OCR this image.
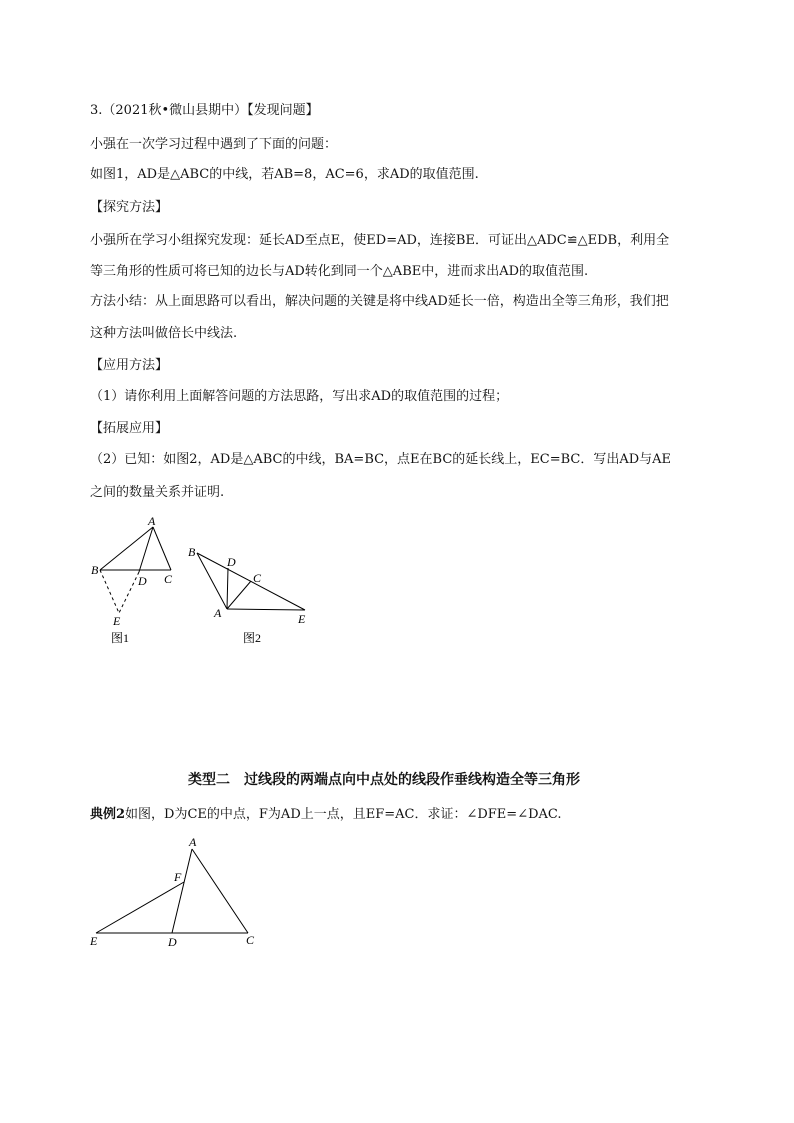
3.（2021秋•微山县期中）【发现问题】
小强在一次学习过程中遇到了下面的问题：
如图1，AD是△ABC的中线，若AB=8，AC=6，求AD的取值范围.
【探究方法】
小强所在学习小组探究发现：延长AD至点E，使ED=AD，连接BE．可证出△ADC≌△EDB，利用全
等三角形的性质可将已知的边长与AD转化到同一个△ABE中，进而求出AD的取值范围.
方法小结：从上面思路可以看出，解决问题的关键是将中线AD延长一倍，构造出全等三角形，我们把
这种方法叫做倍长中线法.
【应用方法】
（1）请你利用上面解答问题的方法思路，写出求AD的取值范围的过程；
【拓展应用】
（2）已知：如图2，AD是△ABC的中线，BA=BC，点E在BC的延长线上，EC=BC．写出AD与AE
之间的数量关系并证明.
A
B
C
D
E
图1
B
D
C
A	E
图2
类型二　过线段的两端点向中点处的线段作垂线构造全等三角形
典例2如图，D为CE的中点，F为AD上一点，且EF=AC．求证：∠DFE=∠DAC.
A
F
E	D	C
